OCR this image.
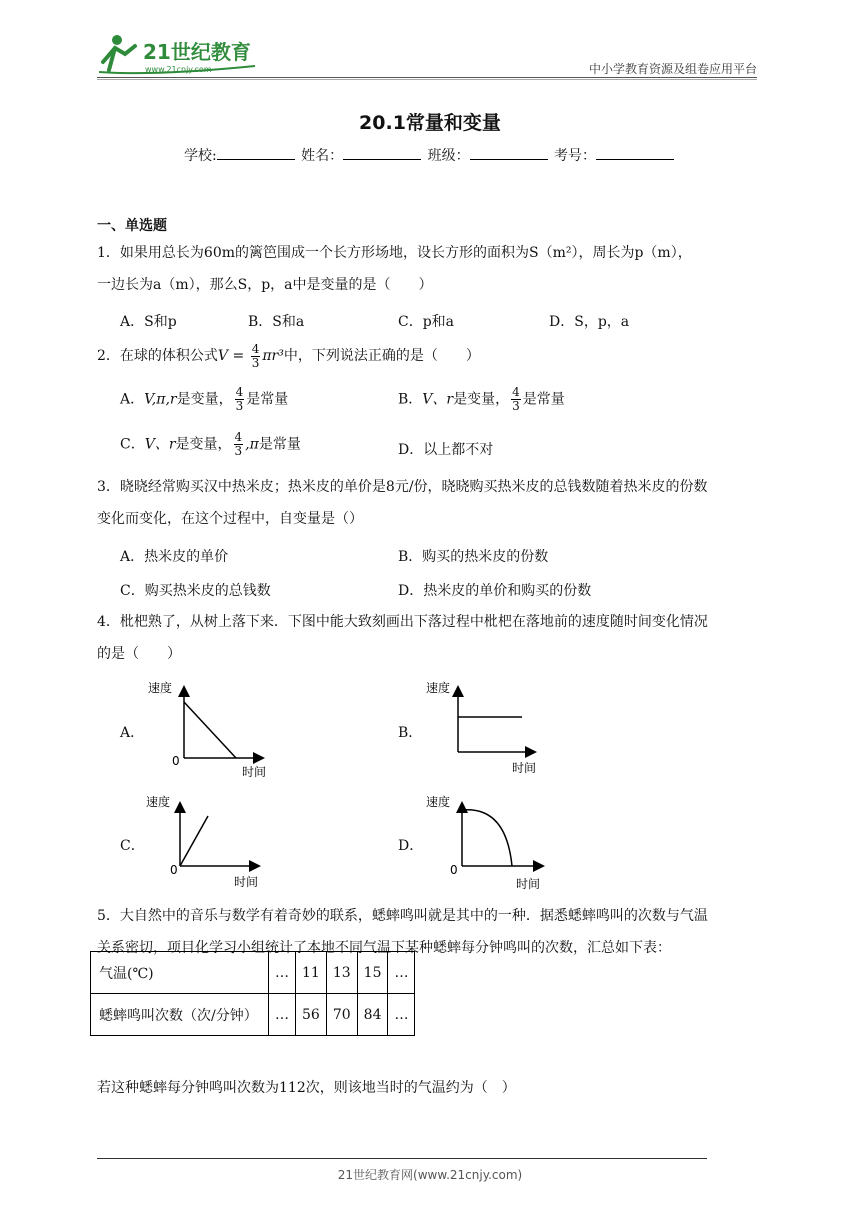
21世纪教育
www.21cnjy.com	中小学教育资源及组卷应用平台
20.1常量和变量
学校:	姓名：	班级：	考号：
一、单选题
1．如果用总长为60m的篱笆围成一个长方形场地，设长方形的面积为S（m²），周长为p（m），
一边长为a（m），那么S，p，a中是变量的是（　　）
A．S和p	B．S和a	C．p和a	D．S，p，a
2．在球的体积公式$V = \frac{4}{3} \pi r^3$中，下列说法正确的是（　　）
A．V,π,r是变量， $\frac{4}{3}$ 是常量	B．V、r是变量， $\frac{4}{3}$ 是常量
C．V、r是变量， $\frac{4}{3} ,\pi$是常量	D．以上都不对
3．晓晓经常购买汉中热米皮；热米皮的单价是8元/份，晓晓购买热米皮的总钱数随着热米皮的份数
变化而变化，在这个过程中，自变量是（）
A．热米皮的单价	B．购买的热米皮的份数
C．购买热米皮的总钱数	D．热米皮的单价和购买的份数
4．枇杷熟了，从树上落下来．下图中能大致刻画出下落过程中枇杷在落地前的速度随时间变化情况
的是（　　）
A．
速度
时间
0
B．
速度
时间
C．
速度
0
时间
D．
速度
0
时间
5．大自然中的音乐与数学有着奇妙的联系，蟋蟀鸣叫就是其中的一种．据悉蟋蟀鸣叫的次数与气温
关系密切，项目化学习小组统计了本地不同气温下某种蟋蟀每分钟鸣叫的次数，汇总如下表：
气温(℃)	…	11	13	15	…
蟋蟀鸣叫次数（次/分钟）	…	56	70	84	…
若这种蟋蟀每分钟鸣叫次数为112次，则该地当时的气温约为（　）
21世纪教育网(www.21cnjy.com)
